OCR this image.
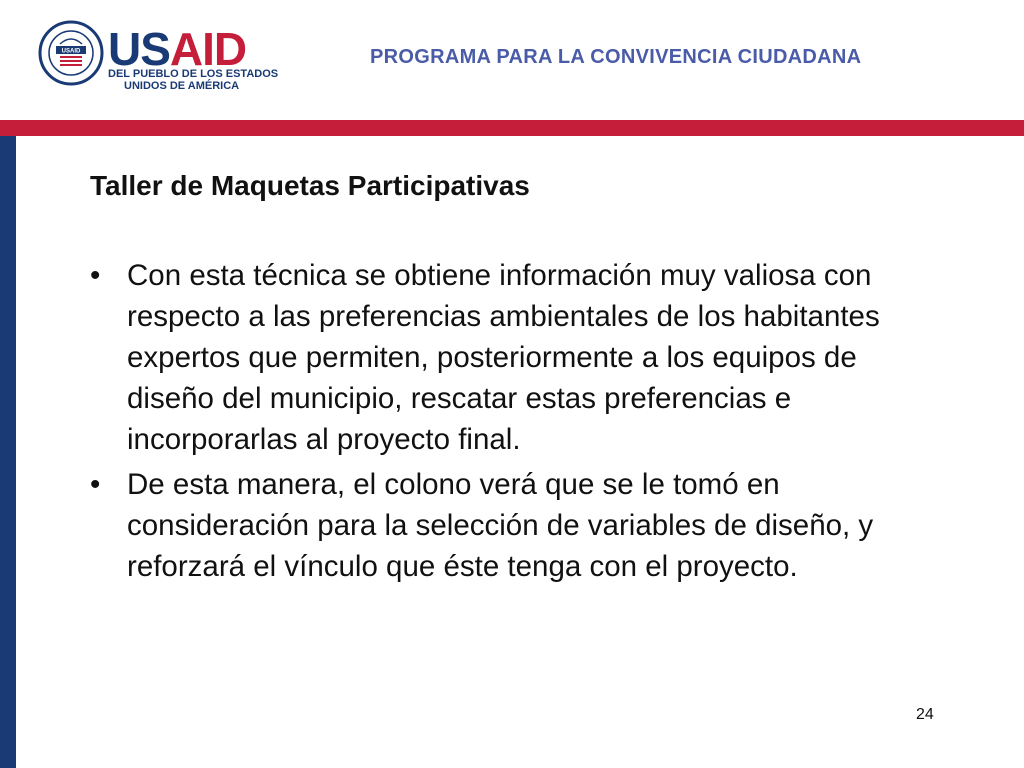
USAID USAID
DEL PUEBLO DE LOS ESTADOS
UNIDOS DE AMÉRICA
PROGRAMA PARA LA CONVIVENCIA CIUDADANA
Taller de Maquetas Participativas
• Con esta técnica se obtiene información muy valiosa con respecto a las preferencias ambientales de los habitantes expertos que permiten, posteriormente a los equipos de diseño del municipio, rescatar estas preferencias e incorporarlas al proyecto final.
• De esta manera, el colono verá que se le tomó en consideración para la selección de variables de diseño, y reforzará el vínculo que éste tenga con el proyecto.
24
